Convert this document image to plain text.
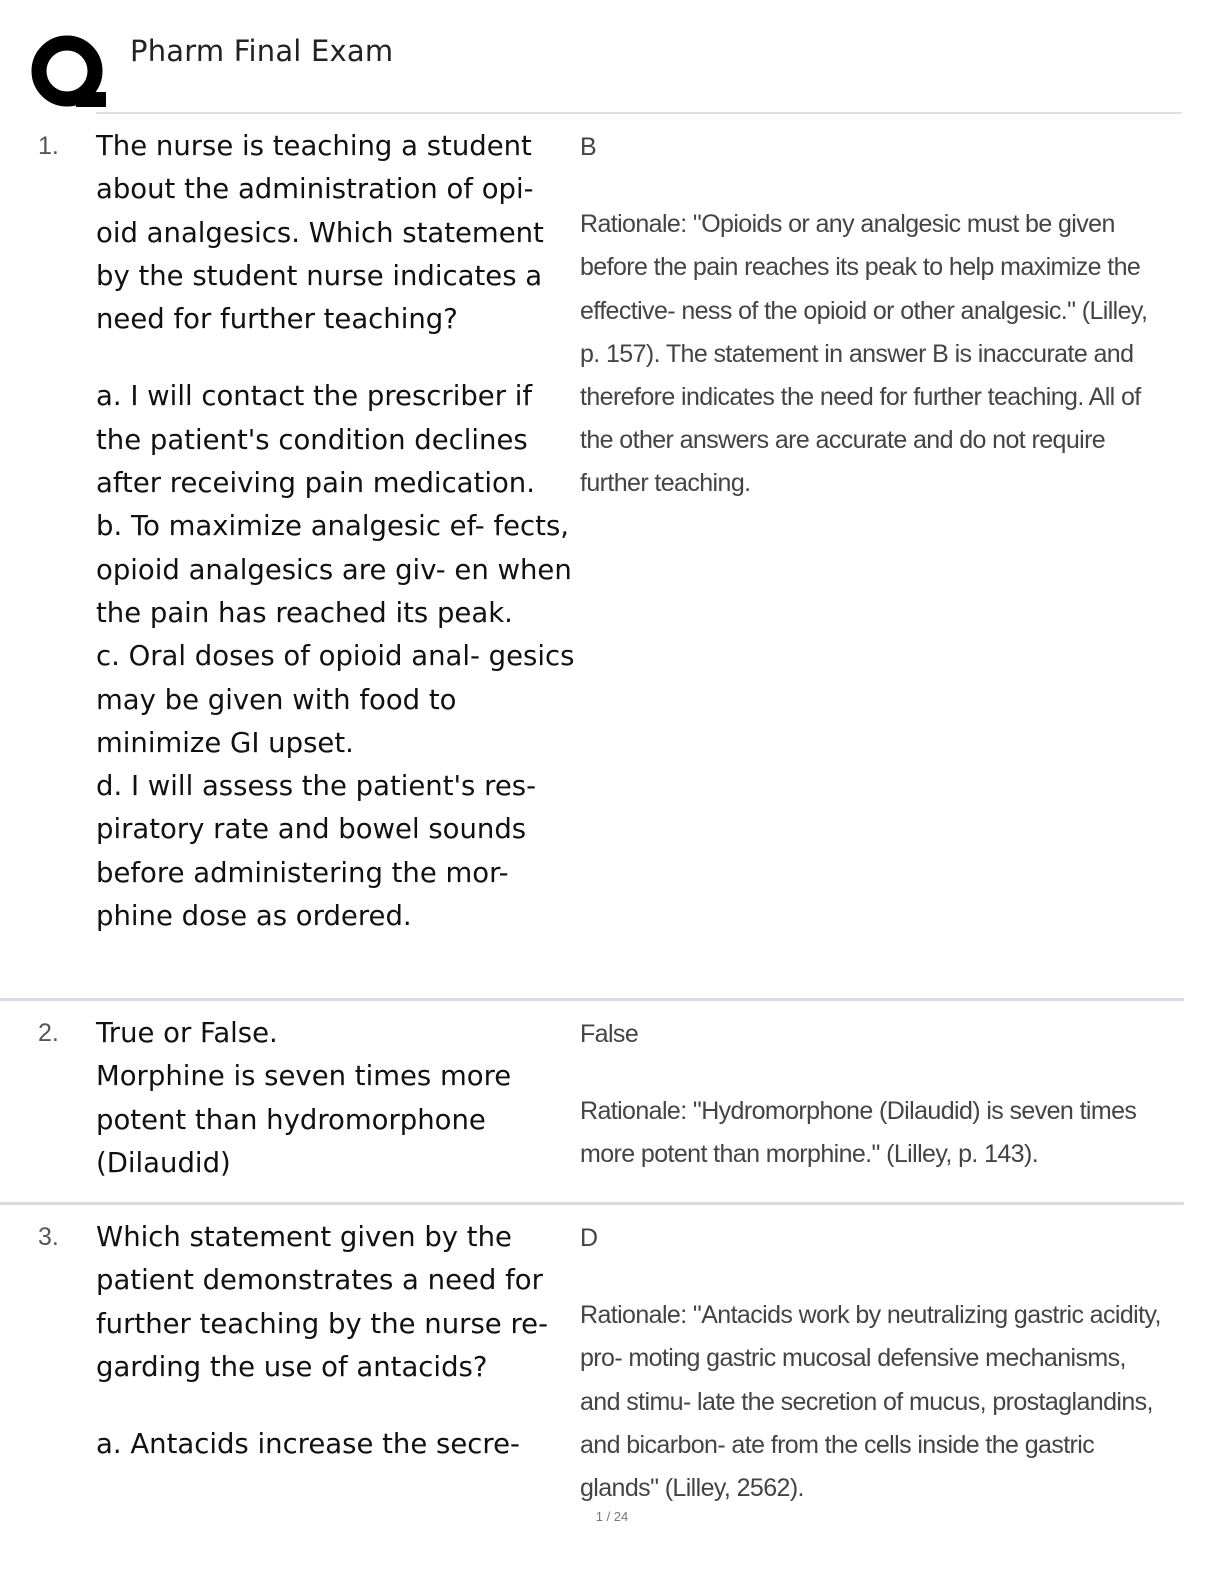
Pharm Final Exam
1. The nurse is teaching a student about the administration of opi- oid analgesics. Which statement by the student nurse indicates a need for further teaching?

a. I will contact the prescriber if the patient's condition declines after receiving pain medication.

b. To maximize analgesic ef- fects, opioid analgesics are giv- en when the pain has reached its peak.

c. Oral doses of opioid anal- gesics may be given with food to minimize GI upset.

d. I will assess the patient's res- piratory rate and bowel sounds before administering the mor- phine dose as ordered.

B

Rationale: "Opioids or any analgesic must be given before the pain reaches its peak to help maximize the effective- ness of the opioid or other analgesic." (Lilley, p. 157). The statement in answer B is inaccurate and therefore indicates the need for further teaching. All of the other answers are accurate and do not require further teaching.

2. True or False.

Morphine is seven times more potent than hydromorphone (Dilaudid)

False

Rationale: "Hydromorphone (Dilaudid) is seven times more potent than morphine." (Lilley, p. 143).

3. Which statement given by the patient demonstrates a need for further teaching by the nurse re- garding the use of antacids?

a. Antacids increase the secre-

D

Rationale: "Antacids work by neutralizing gastric acidity, pro- moting gastric mucosal defensive mechanisms, and stimu- late the secretion of mucus, prostaglandins, and bicarbon- ate from the cells inside the gastric glands" (Lilley, 2562).

1 / 24
